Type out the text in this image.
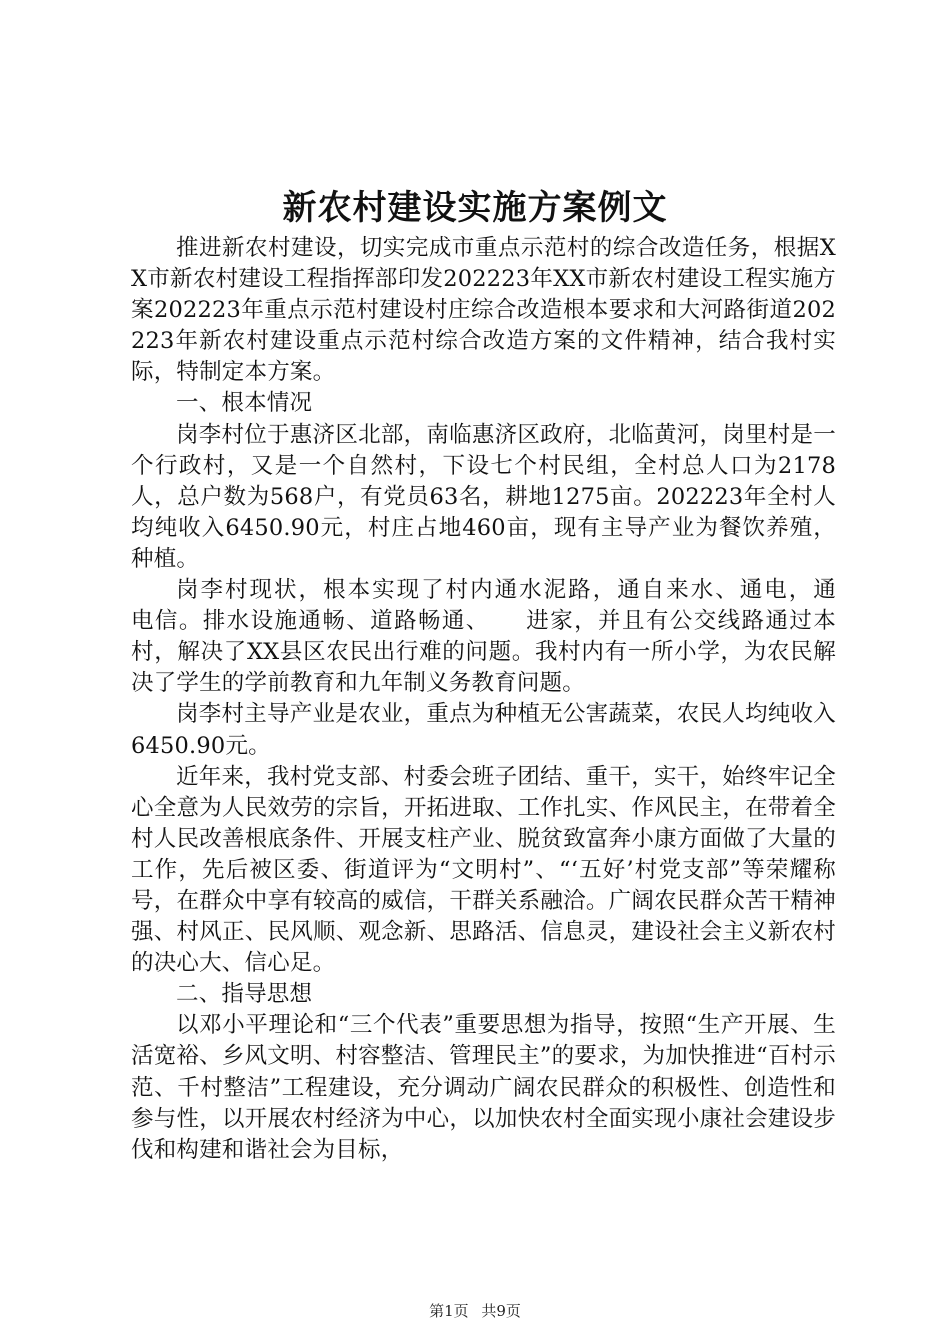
新农村建设实施方案例文

推进新农村建设，切实完成市重点示范村的综合改造任务，根据XX市新农村建设工程指挥部印发202223年XX市新农村建设工程实施方案202223年重点示范村建设村庄综合改造根本要求和大河路街道202223年新农村建设重点示范村综合改造方案的文件精神，结合我村实际，特制定本方案。

一、根本情况

岗李村位于惠济区北部，南临惠济区政府，北临黄河，岗里村是一个行政村，又是一个自然村，下设七个村民组，全村总人口为2178人，总户数为568户，有党员63名，耕地1275亩。202223年全村人均纯收入6450.90元，村庄占地460亩，现有主导产业为餐饮养殖，种植。

岗李村现状，根本实现了村内通水泥路，通自来水、通电，通　　电信。排水设施通畅、道路畅通、　　进家，并且有公交线路通过本村，解决了XX县区农民出行难的问题。我村内有一所小学，为农民解决了学生的学前教育和九年制义务教育问题。

岗李村主导产业是农业，重点为种植无公害蔬菜，农民人均纯收入6450.90元。

近年来，我村党支部、村委会班子团结、重干，实干，始终牢记全心全意为人民效劳的宗旨，开拓进取、工作扎实、作风民主，在带着全村人民改善根底条件、开展支柱产业、脱贫致富奔小康方面做了大量的工作，先后被区委、街道评为“文明村”、“‘五好’村党支部”等荣耀称号，在群众中享有较高的威信，干群关系融洽。广阔农民群众苦干精神强、村风正、民风顺、观念新、思路活、信息灵，建设社会主义新农村的决心大、信心足。

二、指导思想

以邓小平理论和“三个代表”重要思想为指导，按照“生产开展、生活宽裕、乡风文明、村容整洁、管理民主”的要求，为加快推进“百村示范、千村整洁”工程建设，充分调动广阔农民群众的积极性、创造性和参与性，以开展农村经济为中心，以加快农村全面实现小康社会建设步伐和构建和谐社会为目标，

第1页 共9页
